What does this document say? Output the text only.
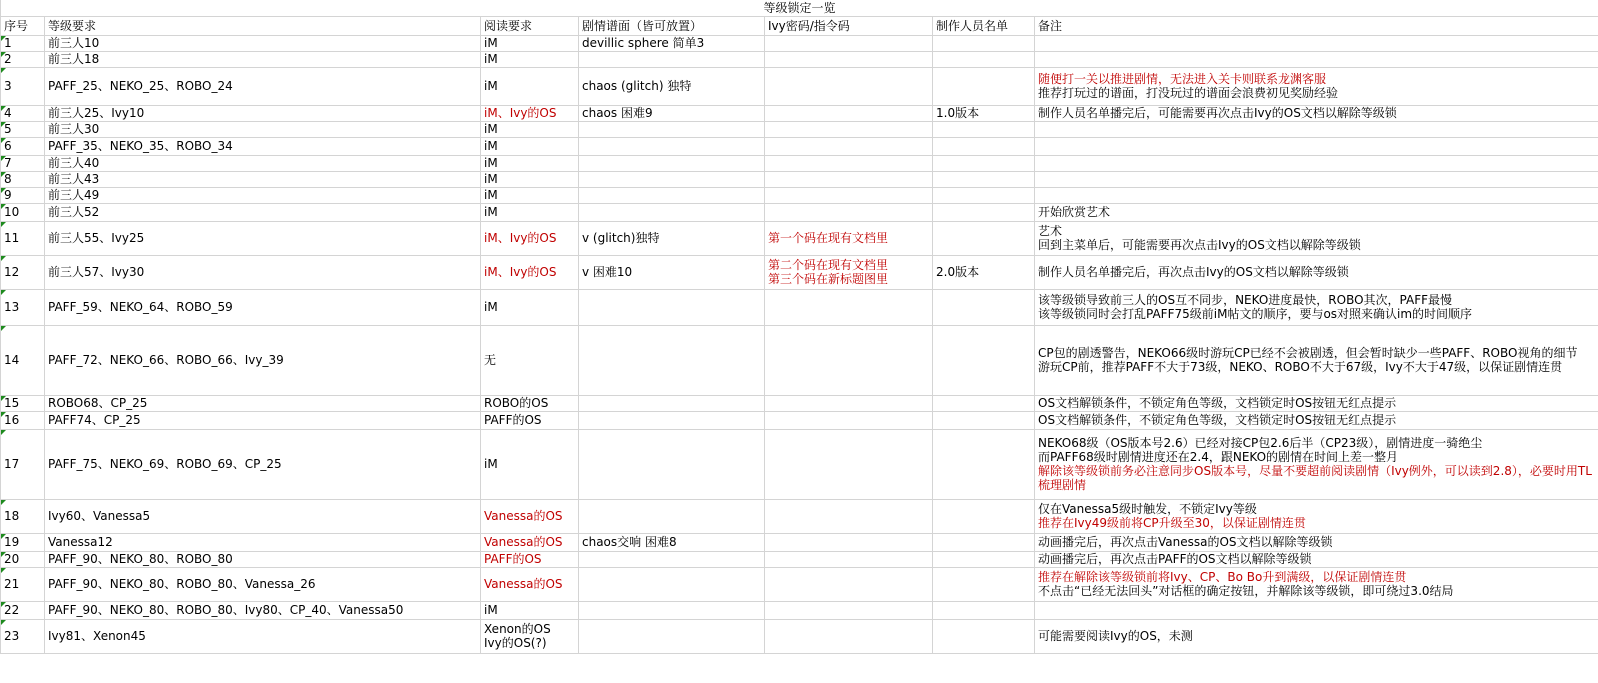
等级锁定一览						
序号	等级要求	阅读要求	剧情谱面（皆可放置）	Ivy密码/指令码	制作人员名单	备注
1	前三人10	iM	devillic sphere 简单3			
2	前三人18	iM				
3	PAFF_25、NEKO_25、ROBO_24	iM	chaos (glitch) 独特			随便打一关以推进剧情，无法进入关卡则联系龙渊客服
推荐打玩过的谱面，打没玩过的谱面会浪费初见奖励经验

4	前三人25、Ivy10	iM、Ivy的OS	chaos 困难9		1.0版本	制作人员名单播完后，可能需要再次点击Ivy的OS文档以解除等级锁

5	前三人30	iM				
6	PAFF_35、NEKO_35、ROBO_34	iM				
7	前三人40	iM				
8	前三人43	iM				
9	前三人49	iM				
10	前三人52	iM				开始欣赏艺术

11	前三人55、Ivy25	iM、Ivy的OS	v (glitch)独特	第一个码在现有文档里		艺术
回到主菜单后，可能需要再次点击Ivy的OS文档以解除等级锁

12	前三人57、Ivy30	iM、Ivy的OS	v 困难10	第二个码在现有文档里
第三个码在新标题图里	2.0版本	制作人员名单播完后，再次点击Ivy的OS文档以解除等级锁

13	PAFF_59、NEKO_64、ROBO_59	iM				该等级锁导致前三人的OS互不同步，NEKO进度最快，ROBO其次，PAFF最慢
该等级锁同时会打乱PAFF75级前iM帖文的顺序，要与os对照来确认im的时间顺序

14	PAFF_72、NEKO_66、ROBO_66、Ivy_39	无				CP包的剧透警告，NEKO66级时游玩CP已经不会被剧透，但会暂时缺少一些PAFF、ROBO视角的细节
游玩CP前，推荐PAFF不大于73级，NEKO、ROBO不大于67级，Ivy不大于47级，以保证剧情连贯

15	ROBO68、CP_25	ROBO的OS				OS文档解锁条件，不锁定角色等级，文档锁定时OS按钮无红点提示

16	PAFF74、CP_25	PAFF的OS				OS文档解锁条件，不锁定角色等级，文档锁定时OS按钮无红点提示

17	PAFF_75、NEKO_69、ROBO_69、CP_25	iM				NEKO68级（OS版本号2.6）已经对接CP包2.6后半（CP23级），剧情进度一骑绝尘
而PAFF68级时剧情进度还在2.4，跟NEKO的剧情在时间上差一整月
解除该等级锁前务必注意同步OS版本号，尽量不要超前阅读剧情（Ivy例外，可以读到2.8），必要时用TL梳理剧情

18	Ivy60、Vanessa5	Vanessa的OS				仅在Vanessa5级时触发，不锁定Ivy等级
推荐在Ivy49级前将CP升级至30，以保证剧情连贯

19	Vanessa12	Vanessa的OS	chaos交响 困难8			动画播完后，再次点击Vanessa的OS文档以解除等级锁

20	PAFF_90、NEKO_80、ROBO_80	PAFF的OS				动画播完后，再次点击PAFF的OS文档以解除等级锁

21	PAFF_90、NEKO_80、ROBO_80、Vanessa_26	Vanessa的OS				推荐在解除该等级锁前将Ivy、CP、Bo Bo升到满级，以保证剧情连贯
不点击“已经无法回头”对话框的确定按钮，并解除该等级锁，即可绕过3.0结局

22	PAFF_90、NEKO_80、ROBO_80、Ivy80、CP_40、Vanessa50	iM				
23	Ivy81、Xenon45	Xenon的OS
Ivy的OS(?)				可能需要阅读Ivy的OS，未测
